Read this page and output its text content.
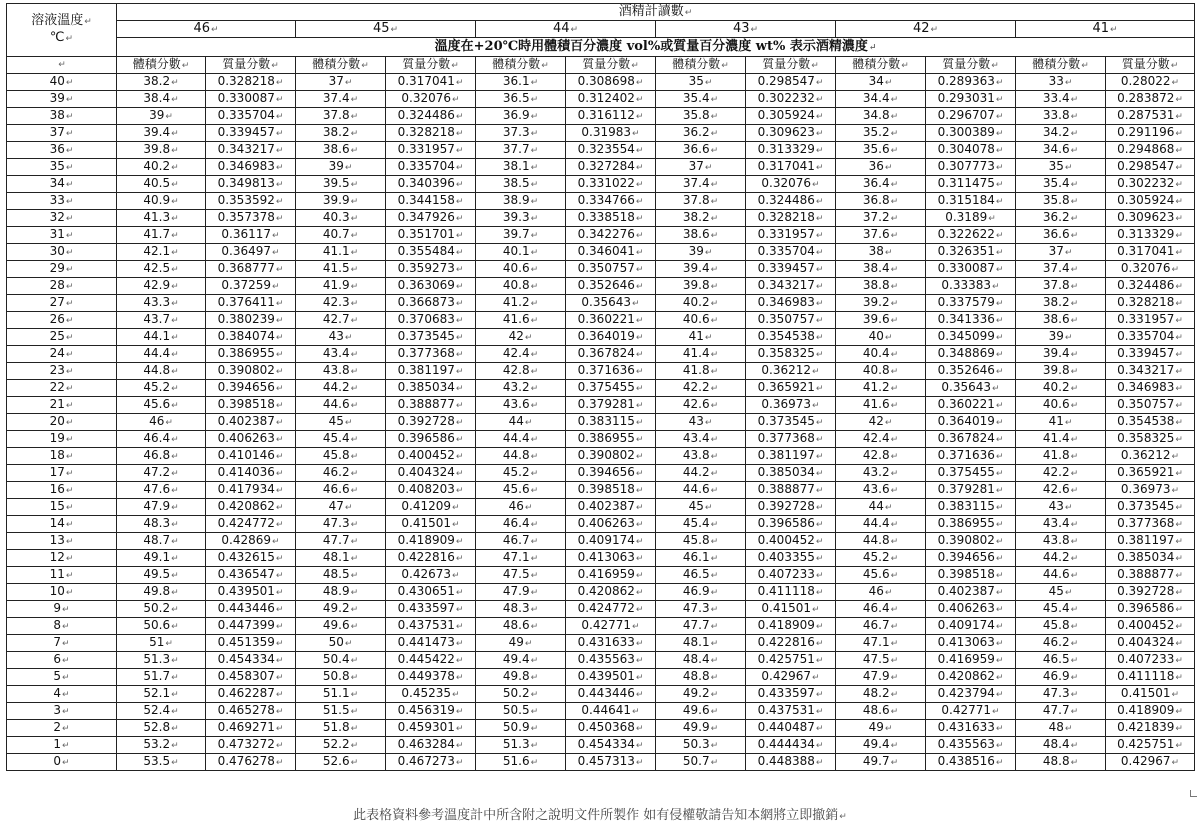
溶液溫度↵
℃↵	酒精計讀數↵											
	46↵		45↵		44↵		43↵		42↵		41↵	
	溫度在+20℃時用體積百分濃度 vol%或質量百分濃度 wt% 表示酒精濃度↵											
↵	體積分數↵	質量分數↵	體積分數↵	質量分數↵	體積分數↵	質量分數↵	體積分數↵	質量分數↵	體積分數↵	質量分數↵	體積分數↵	質量分數↵
40↵	38.2↵	0.328218↵	37↵	0.317041↵	36.1↵	0.308698↵	35↵	0.298547↵	34↵	0.289363↵	33↵	0.28022↵
39↵	38.4↵	0.330087↵	37.4↵	0.32076↵	36.5↵	0.312402↵	35.4↵	0.302232↵	34.4↵	0.293031↵	33.4↵	0.283872↵
38↵	39↵	0.335704↵	37.8↵	0.324486↵	36.9↵	0.316112↵	35.8↵	0.305924↵	34.8↵	0.296707↵	33.8↵	0.287531↵
37↵	39.4↵	0.339457↵	38.2↵	0.328218↵	37.3↵	0.31983↵	36.2↵	0.309623↵	35.2↵	0.300389↵	34.2↵	0.291196↵
36↵	39.8↵	0.343217↵	38.6↵	0.331957↵	37.7↵	0.323554↵	36.6↵	0.313329↵	35.6↵	0.304078↵	34.6↵	0.294868↵
35↵	40.2↵	0.346983↵	39↵	0.335704↵	38.1↵	0.327284↵	37↵	0.317041↵	36↵	0.307773↵	35↵	0.298547↵
34↵	40.5↵	0.349813↵	39.5↵	0.340396↵	38.5↵	0.331022↵	37.4↵	0.32076↵	36.4↵	0.311475↵	35.4↵	0.302232↵
33↵	40.9↵	0.353592↵	39.9↵	0.344158↵	38.9↵	0.334766↵	37.8↵	0.324486↵	36.8↵	0.315184↵	35.8↵	0.305924↵
32↵	41.3↵	0.357378↵	40.3↵	0.347926↵	39.3↵	0.338518↵	38.2↵	0.328218↵	37.2↵	0.3189↵	36.2↵	0.309623↵
31↵	41.7↵	0.36117↵	40.7↵	0.351701↵	39.7↵	0.342276↵	38.6↵	0.331957↵	37.6↵	0.322622↵	36.6↵	0.313329↵
30↵	42.1↵	0.36497↵	41.1↵	0.355484↵	40.1↵	0.346041↵	39↵	0.335704↵	38↵	0.326351↵	37↵	0.317041↵
29↵	42.5↵	0.368777↵	41.5↵	0.359273↵	40.6↵	0.350757↵	39.4↵	0.339457↵	38.4↵	0.330087↵	37.4↵	0.32076↵
28↵	42.9↵	0.37259↵	41.9↵	0.363069↵	40.8↵	0.352646↵	39.8↵	0.343217↵	38.8↵	0.33383↵	37.8↵	0.324486↵
27↵	43.3↵	0.376411↵	42.3↵	0.366873↵	41.2↵	0.35643↵	40.2↵	0.346983↵	39.2↵	0.337579↵	38.2↵	0.328218↵
26↵	43.7↵	0.380239↵	42.7↵	0.370683↵	41.6↵	0.360221↵	40.6↵	0.350757↵	39.6↵	0.341336↵	38.6↵	0.331957↵
25↵	44.1↵	0.384074↵	43↵	0.373545↵	42↵	0.364019↵	41↵	0.354538↵	40↵	0.345099↵	39↵	0.335704↵
24↵	44.4↵	0.386955↵	43.4↵	0.377368↵	42.4↵	0.367824↵	41.4↵	0.358325↵	40.4↵	0.348869↵	39.4↵	0.339457↵
23↵	44.8↵	0.390802↵	43.8↵	0.381197↵	42.8↵	0.371636↵	41.8↵	0.36212↵	40.8↵	0.352646↵	39.8↵	0.343217↵
22↵	45.2↵	0.394656↵	44.2↵	0.385034↵	43.2↵	0.375455↵	42.2↵	0.365921↵	41.2↵	0.35643↵	40.2↵	0.346983↵
21↵	45.6↵	0.398518↵	44.6↵	0.388877↵	43.6↵	0.379281↵	42.6↵	0.36973↵	41.6↵	0.360221↵	40.6↵	0.350757↵
20↵	46↵	0.402387↵	45↵	0.392728↵	44↵	0.383115↵	43↵	0.373545↵	42↵	0.364019↵	41↵	0.354538↵
19↵	46.4↵	0.406263↵	45.4↵	0.396586↵	44.4↵	0.386955↵	43.4↵	0.377368↵	42.4↵	0.367824↵	41.4↵	0.358325↵
18↵	46.8↵	0.410146↵	45.8↵	0.400452↵	44.8↵	0.390802↵	43.8↵	0.381197↵	42.8↵	0.371636↵	41.8↵	0.36212↵
17↵	47.2↵	0.414036↵	46.2↵	0.404324↵	45.2↵	0.394656↵	44.2↵	0.385034↵	43.2↵	0.375455↵	42.2↵	0.365921↵
16↵	47.6↵	0.417934↵	46.6↵	0.408203↵	45.6↵	0.398518↵	44.6↵	0.388877↵	43.6↵	0.379281↵	42.6↵	0.36973↵
15↵	47.9↵	0.420862↵	47↵	0.41209↵	46↵	0.402387↵	45↵	0.392728↵	44↵	0.383115↵	43↵	0.373545↵
14↵	48.3↵	0.424772↵	47.3↵	0.41501↵	46.4↵	0.406263↵	45.4↵	0.396586↵	44.4↵	0.386955↵	43.4↵	0.377368↵
13↵	48.7↵	0.42869↵	47.7↵	0.418909↵	46.7↵	0.409174↵	45.8↵	0.400452↵	44.8↵	0.390802↵	43.8↵	0.381197↵
12↵	49.1↵	0.432615↵	48.1↵	0.422816↵	47.1↵	0.413063↵	46.1↵	0.403355↵	45.2↵	0.394656↵	44.2↵	0.385034↵
11↵	49.5↵	0.436547↵	48.5↵	0.42673↵	47.5↵	0.416959↵	46.5↵	0.407233↵	45.6↵	0.398518↵	44.6↵	0.388877↵
10↵	49.8↵	0.439501↵	48.9↵	0.430651↵	47.9↵	0.420862↵	46.9↵	0.411118↵	46↵	0.402387↵	45↵	0.392728↵
9↵	50.2↵	0.443446↵	49.2↵	0.433597↵	48.3↵	0.424772↵	47.3↵	0.41501↵	46.4↵	0.406263↵	45.4↵	0.396586↵
8↵	50.6↵	0.447399↵	49.6↵	0.437531↵	48.6↵	0.42771↵	47.7↵	0.418909↵	46.7↵	0.409174↵	45.8↵	0.400452↵
7↵	51↵	0.451359↵	50↵	0.441473↵	49↵	0.431633↵	48.1↵	0.422816↵	47.1↵	0.413063↵	46.2↵	0.404324↵
6↵	51.3↵	0.454334↵	50.4↵	0.445422↵	49.4↵	0.435563↵	48.4↵	0.425751↵	47.5↵	0.416959↵	46.5↵	0.407233↵
5↵	51.7↵	0.458307↵	50.8↵	0.449378↵	49.8↵	0.439501↵	48.8↵	0.42967↵	47.9↵	0.420862↵	46.9↵	0.411118↵
4↵	52.1↵	0.462287↵	51.1↵	0.45235↵	50.2↵	0.443446↵	49.2↵	0.433597↵	48.2↵	0.423794↵	47.3↵	0.41501↵
3↵	52.4↵	0.465278↵	51.5↵	0.456319↵	50.5↵	0.44641↵	49.6↵	0.437531↵	48.6↵	0.42771↵	47.7↵	0.418909↵
2↵	52.8↵	0.469271↵	51.8↵	0.459301↵	50.9↵	0.450368↵	49.9↵	0.440487↵	49↵	0.431633↵	48↵	0.421839↵
1↵	53.2↵	0.473272↵	52.2↵	0.463284↵	51.3↵	0.454334↵	50.3↵	0.444434↵	49.4↵	0.435563↵	48.4↵	0.425751↵
0↵	53.5↵	0.476278↵	52.6↵	0.467273↵	51.6↵	0.457313↵	50.7↵	0.448388↵	49.7↵	0.438516↵	48.8↵	0.42967↵
此表格資料參考溫度計中所含附之說明文件所製作 如有侵權敬請告知本網將立即撤銷↵
